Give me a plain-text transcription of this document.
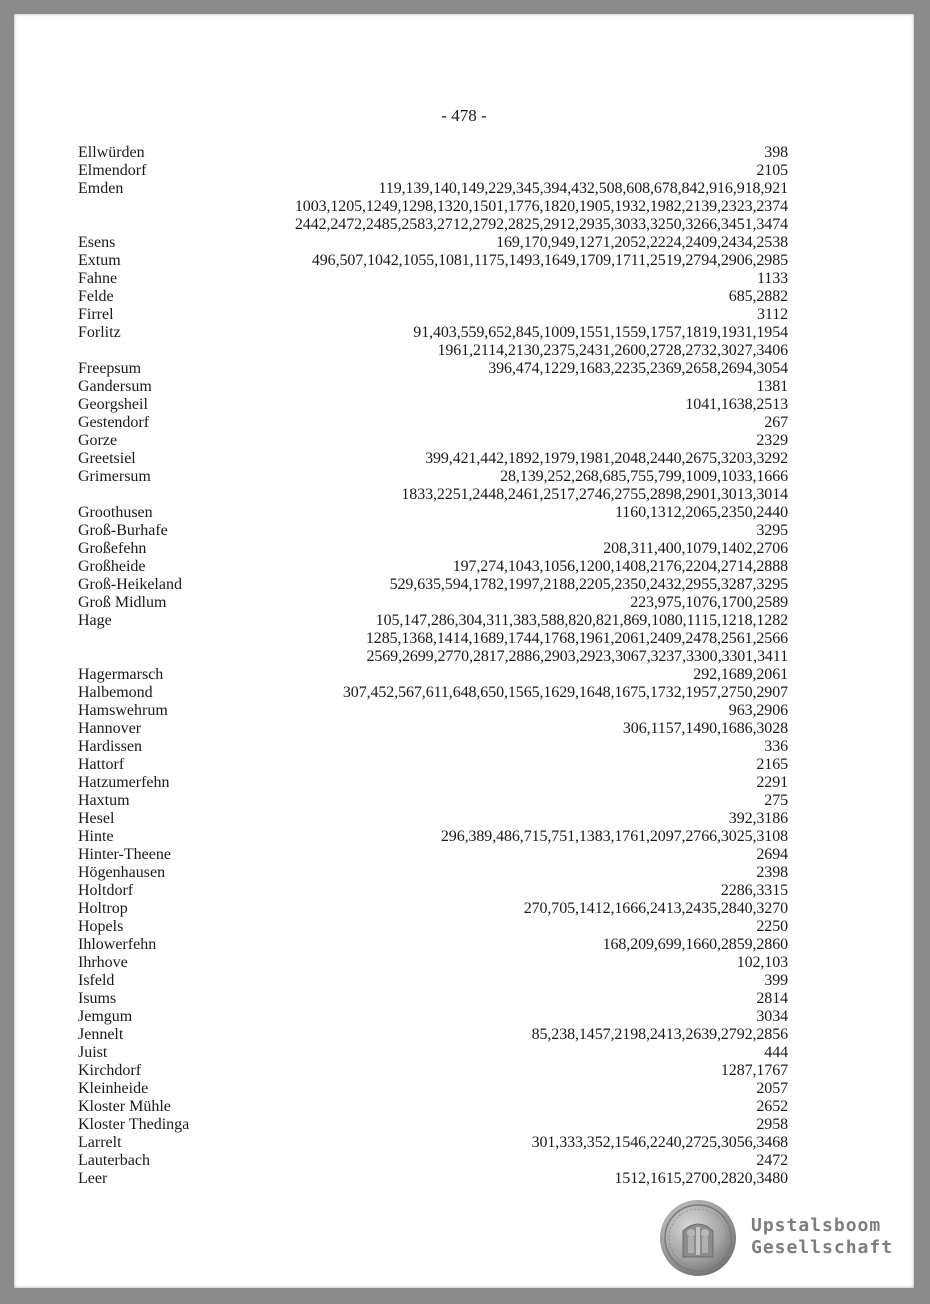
- 478 -
Ellwürden	398
Elmendorf	2105
Emden	119,139,140,149,229,345,394,432,508,608,678,842,916,918,921
1003,1205,1249,1298,1320,1501,1776,1820,1905,1932,1982,2139,2323,2374
2442,2472,2485,2583,2712,2792,2825,2912,2935,3033,3250,3266,3451,3474
Esens	169,170,949,1271,2052,2224,2409,2434,2538
Extum	496,507,1042,1055,1081,1175,1493,1649,1709,1711,2519,2794,2906,2985
Fahne	1133
Felde	685,2882
Firrel	3112
Forlitz	91,403,559,652,845,1009,1551,1559,1757,1819,1931,1954
1961,2114,2130,2375,2431,2600,2728,2732,3027,3406
Freepsum	396,474,1229,1683,2235,2369,2658,2694,3054
Gandersum	1381
Georgsheil	1041,1638,2513
Gestendorf	267
Gorze	2329
Greetsiel	399,421,442,1892,1979,1981,2048,2440,2675,3203,3292
Grimersum	28,139,252,268,685,755,799,1009,1033,1666
1833,2251,2448,2461,2517,2746,2755,2898,2901,3013,3014
Groothusen	1160,1312,2065,2350,2440
Groß-Burhafe	3295
Großefehn	208,311,400,1079,1402,2706
Großheide	197,274,1043,1056,1200,1408,2176,2204,2714,2888
Groß-Heikeland	529,635,594,1782,1997,2188,2205,2350,2432,2955,3287,3295
Groß Midlum	223,975,1076,1700,2589
Hage	105,147,286,304,311,383,588,820,821,869,1080,1115,1218,1282
1285,1368,1414,1689,1744,1768,1961,2061,2409,2478,2561,2566
2569,2699,2770,2817,2886,2903,2923,3067,3237,3300,3301,3411
Hagermarsch	292,1689,2061
Halbemond	307,452,567,611,648,650,1565,1629,1648,1675,1732,1957,2750,2907
Hamswehrum	963,2906
Hannover	306,1157,1490,1686,3028
Hardissen	336
Hattorf	2165
Hatzumerfehn	2291
Haxtum	275
Hesel	392,3186
Hinte	296,389,486,715,751,1383,1761,2097,2766,3025,3108
Hinter-Theene	2694
Högenhausen	2398
Holtdorf	2286,3315
Holtrop	270,705,1412,1666,2413,2435,2840,3270
Hopels	2250
Ihlowerfehn	168,209,699,1660,2859,2860
Ihrhove	102,103
Isfeld	399
Isums	2814
Jemgum	3034
Jennelt	85,238,1457,2198,2413,2639,2792,2856
Juist	444
Kirchdorf	1287,1767
Kleinheide	2057
Kloster Mühle	2652
Kloster Thedinga	2958
Larrelt	301,333,352,1546,2240,2725,3056,3468
Lauterbach	2472
Leer	1512,1615,2700,2820,3480
Upstalsboom
Gesellschaft
